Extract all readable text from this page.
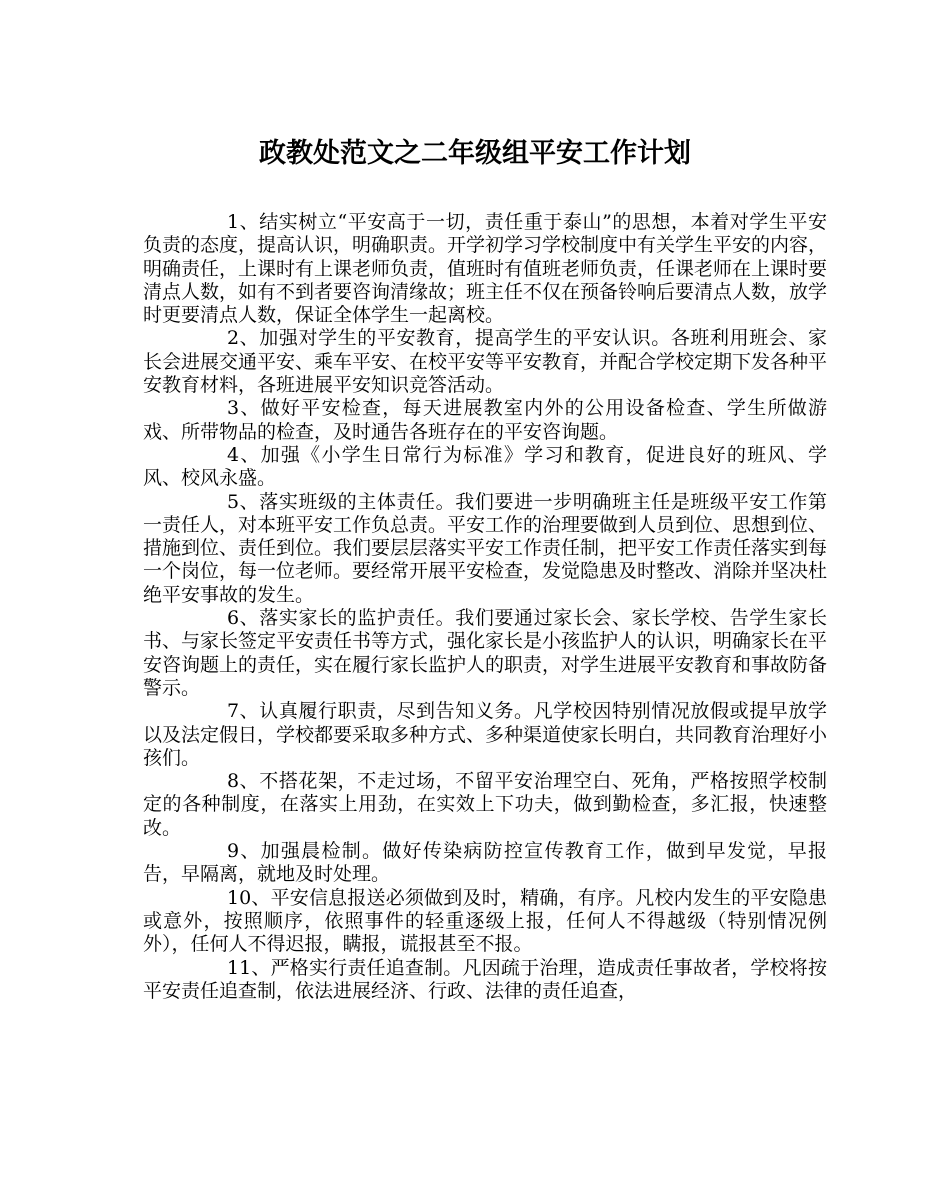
政教处范文之二年级组平安工作计划

1、结实树立“平安高于一切，责任重于泰山”的思想，本着对学生平安负责的态度，提高认识，明确职责。开学初学习学校制度中有关学生平安的内容，明确责任，上课时有上课老师负责，值班时有值班老师负责，任课老师在上课时要清点人数，如有不到者要咨询清缘故；班主任不仅在预备铃响后要清点人数，放学时更要清点人数，保证全体学生一起离校。

2、加强对学生的平安教育，提高学生的平安认识。各班利用班会、家长会进展交通平安、乘车平安、在校平安等平安教育，并配合学校定期下发各种平安教育材料，各班进展平安知识竞答活动。

3、做好平安检查，每天进展教室内外的公用设备检查、学生所做游戏、所带物品的检查，及时通告各班存在的平安咨询题。

4、加强《小学生日常行为标准》学习和教育，促进良好的班风、学风、校风永盛。

5、落实班级的主体责任。我们要进一步明确班主任是班级平安工作第一责任人，对本班平安工作负总责。平安工作的治理要做到人员到位、思想到位、措施到位、责任到位。我们要层层落实平安工作责任制，把平安工作责任落实到每一个岗位，每一位老师。要经常开展平安检查，发觉隐患及时整改、消除并坚决杜绝平安事故的发生。

6、落实家长的监护责任。我们要通过家长会、家长学校、告学生家长书、与家长签定平安责任书等方式，强化家长是小孩监护人的认识，明确家长在平安咨询题上的责任，实在履行家长监护人的职责，对学生进展平安教育和事故防备警示。

7、认真履行职责，尽到告知义务。凡学校因特别情况放假或提早放学以及法定假日，学校都要采取多种方式、多种渠道使家长明白，共同教育治理好小孩们。

8、不搭花架，不走过场，不留平安治理空白、死角，严格按照学校制定的各种制度，在落实上用劲，在实效上下功夫，做到勤检查，多汇报，快速整改。

9、加强晨检制。做好传染病防控宣传教育工作，做到早发觉，早报告，早隔离，就地及时处理。

10、平安信息报送必须做到及时，精确，有序。凡校内发生的平安隐患或意外，按照顺序，依照事件的轻重逐级上报，任何人不得越级（特别情况例外），任何人不得迟报，瞒报，谎报甚至不报。

11、严格实行责任追查制。凡因疏于治理，造成责任事故者，学校将按平安责任追查制，依法进展经济、行政、法律的责任追查，
